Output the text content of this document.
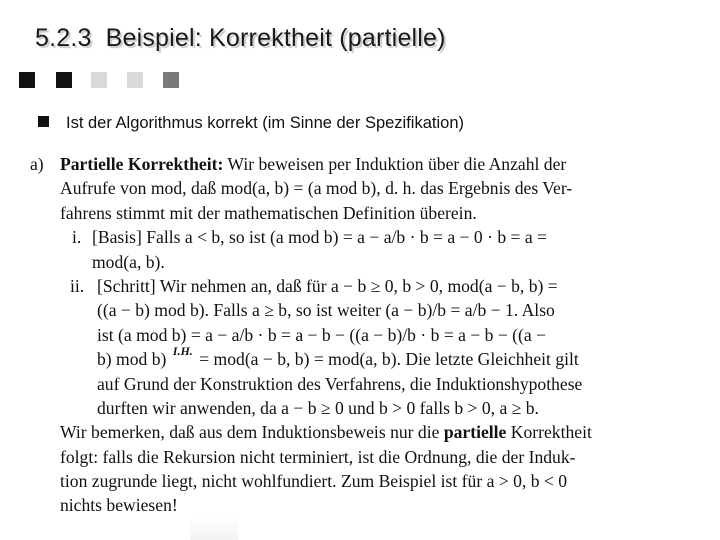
5.2.3 Beispiel: Korrektheit (partielle)
Ist der Algorithmus korrekt (im Sinne der Spezifikation)
a) Partielle Korrektheit: Wir beweisen per Induktion über die Anzahl der
Aufrufe von mod, daß mod(a, b) = (a mod b), d. h. das Ergebnis des Ver-
fahrens stimmt mit der mathematischen Definition überein.
i. [Basis] Falls a < b, so ist (a mod b) = a − a/b · b = a − 0 · b = a =
mod(a, b).
ii. [Schritt] Wir nehmen an, daß für a − b ≥ 0, b > 0, mod(a − b, b) =
((a − b) mod b). Falls a ≥ b, so ist weiter (a − b)/b = a/b − 1. Also
ist (a mod b) = a − a/b · b = a − b − ((a − b)/b · b = a − b − ((a −
b) mod b) $^{I.H.}$ = mod(a − b, b) = mod(a, b). Die letzte Gleichheit gilt
auf Grund der Konstruktion des Verfahrens, die Induktionshypothese
durften wir anwenden, da a − b ≥ 0 und b > 0 falls b > 0, a ≥ b.
Wir bemerken, daß aus dem Induktionsbeweis nur die partielle Korrektheit
folgt: falls die Rekursion nicht terminiert, ist die Ordnung, die der Induk-
tion zugrunde liegt, nicht wohlfundiert. Zum Beispiel ist für a > 0, b < 0
nichts bewiesen!
